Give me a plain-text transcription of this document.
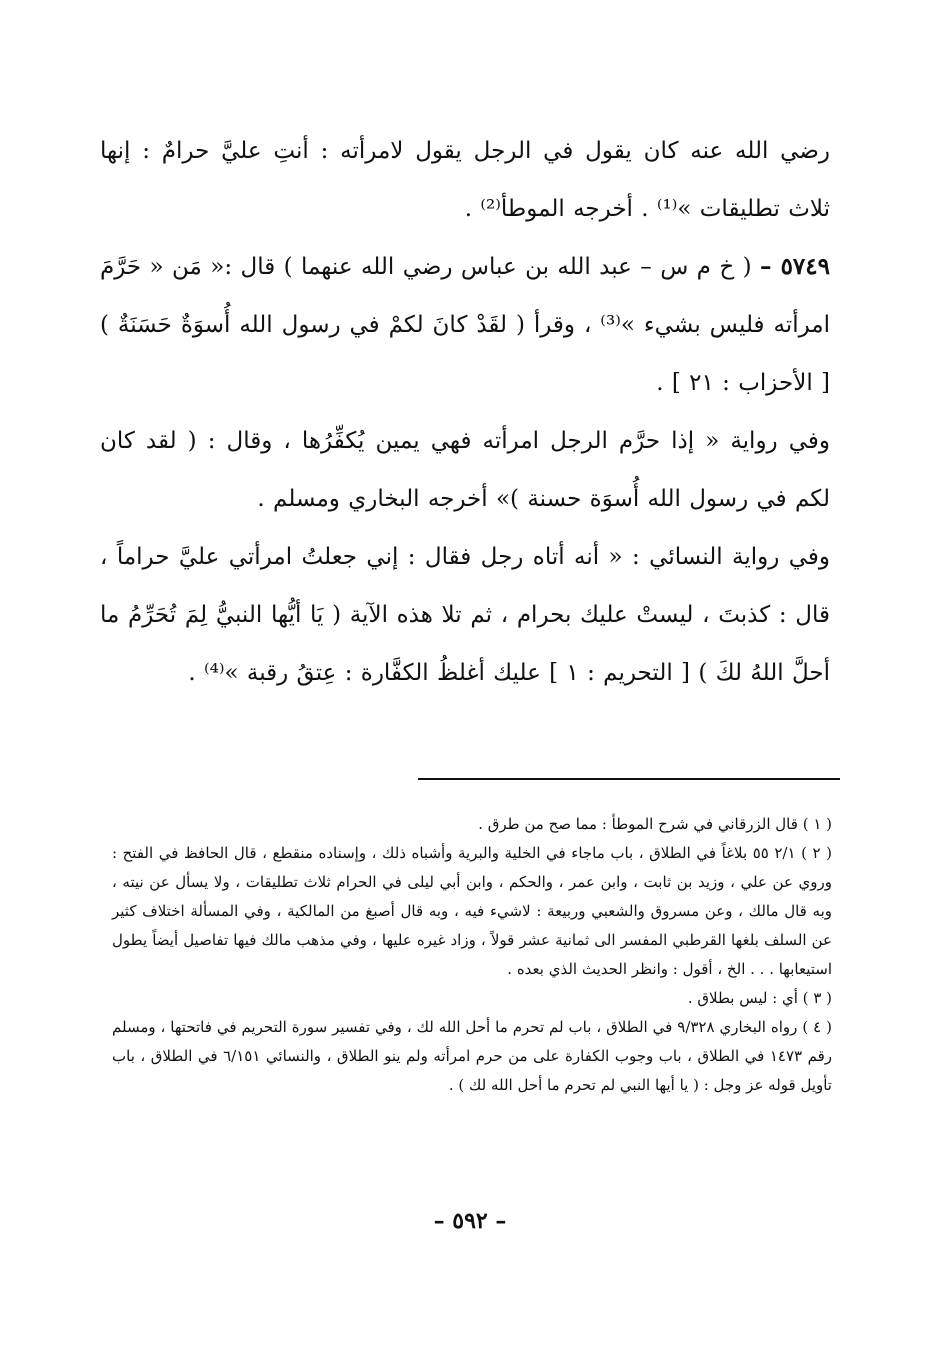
رضي الله عنه كان يقول في الرجل يقول لامرأته : أنتِ عليَّ حرامٌ : إنها ثلاث تطليقات »⁽¹⁾ . أخرجه الموطأ⁽²⁾ .

٥٧٤٩ – ( خ م س – عبد الله بن عباس رضي الله عنهما ) قال :« مَن « حَرَّمَ امرأته فليس بشيء »⁽³⁾ ، وقرأ ( لقَدْ كانَ لكمْ في رسول الله أُسوَةٌ حَسَنَةٌ ) [ الأحزاب : ٢١ ] .

وفي رواية « إذا حرَّم الرجل امرأته فهي يمين يُكفِّرُها ، وقال : ( لقد كان لكم في رسول الله أُسوَة حسنة )» أخرجه البخاري ومسلم .

وفي رواية النسائي : « أنه أتاه رجل فقال : إني جعلتُ امرأتي عليَّ حراماً ، قال : كذبتَ ، ليستْ عليك بحرام ، ثم تلا هذه الآية ( يَا أيُّها النبيُّ لِمَ تُحَرِّمُ ما أحلَّ اللهُ لكَ ) [ التحريم : ١ ] عليك أغلظُ الكفَّارة : عِتقُ رقبة »⁽⁴⁾ .

( ١ ) قال الزرقاني في شرح الموطأ : مما صح من طرق .

( ٢ ) ٢/١ ٥٥ بلاغاً في الطلاق ، باب ماجاء في الخلية والبرية وأشباه ذلك ، وإسناده منقطع ، قال الحافظ في الفتح : وروي عن علي ، وزيد بن ثابت ، وابن عمر ، والحكم ، وابن أبي ليلى في الحرام ثلاث تطليقات ، ولا يسأل عن نيته ، وبه قال مالك ، وعن مسروق والشعبي وربيعة : لاشيء فيه ، وبه قال أصبغ من المالكية ، وفي المسألة اختلاف كثير عن السلف بلغها القرطبي المفسر الى ثمانية عشر قولاً ، وزاد غيره عليها ، وفي مذهب مالك فيها تفاصيل أيضاً يطول استيعابها . . . الخ ، أقول : وانظر الحديث الذي بعده .

( ٣ ) أي : ليس بطلاق .

( ٤ ) رواه البخاري ٩/٣٢٨ في الطلاق ، باب لم تحرم ما أحل الله لك ، وفي تفسير سورة التحريم في فاتحتها ، ومسلم رقم ١٤٧٣ في الطلاق ، باب وجوب الكفارة على من حرم امرأته ولم ينو الطلاق ، والنسائي ٦/١٥١ في الطلاق ، باب تأويل قوله عز وجل : ( يا أيها النبي لم تحرم ما أحل الله لك ) .

– ٥٩٢ –
